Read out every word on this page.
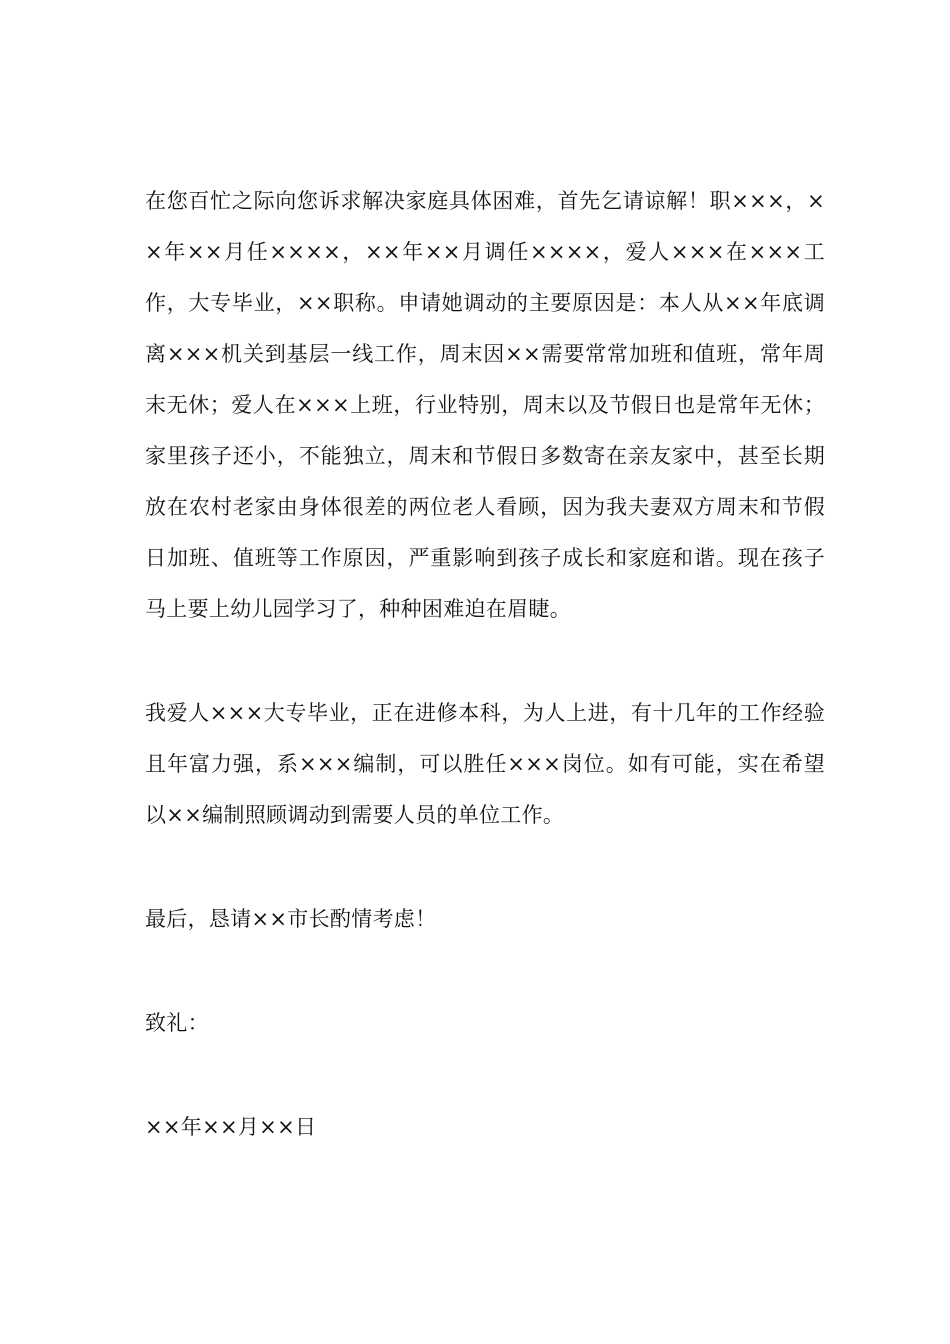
在您百忙之际向您诉求解决家庭具体困难，首先乞请谅解！职×××，××年××月任××××，××年××月调任××××，爱人×××在×××工作，大专毕业，××职称。申请她调动的主要原因是：本人从××年底调离×××机关到基层一线工作，周末因××需要常常加班和值班，常年周末无休；爱人在×××上班，行业特别，周末以及节假日也是常年无休；家里孩子还小，不能独立，周末和节假日多数寄在亲友家中，甚至长期放在农村老家由身体很差的两位老人看顾，因为我夫妻双方周末和节假日加班、值班等工作原因，严重影响到孩子成长和家庭和谐。现在孩子马上要上幼儿园学习了，种种困难迫在眉睫。

我爱人×××大专毕业，正在进修本科，为人上进，有十几年的工作经验且年富力强，系×××编制，可以胜任×××岗位。如有可能，实在希望以××编制照顾调动到需要人员的单位工作。

最后，恳请××市长酌情考虑！

致礼：

××年××月××日
